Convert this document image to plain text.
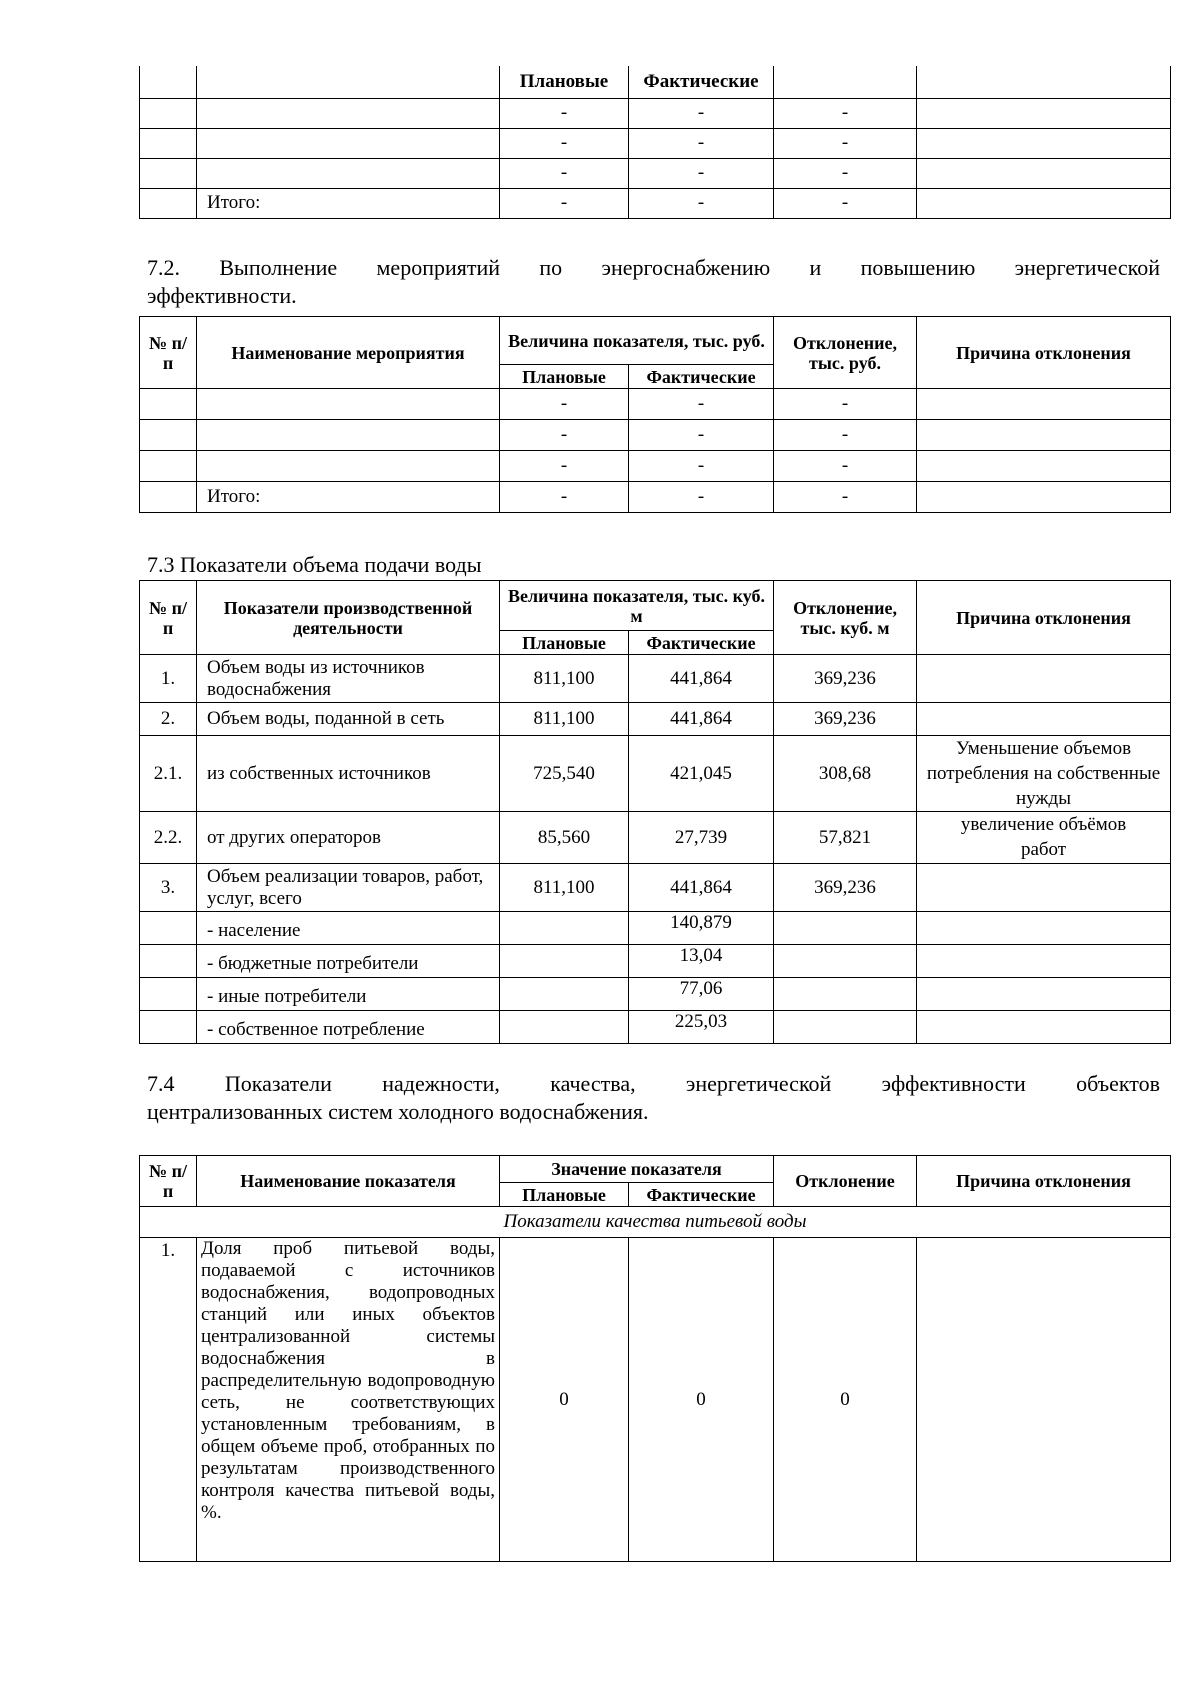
		Плановые	Фактические		
		-	-	-	
		-	-	-	
		-	-	-	
	Итого:	-	-	-	
7.2. Выполнение мероприятий по энергоснабжению и повышению энергетической
эффективности.
№ п/п	Наименование мероприятия	Величина показателя, тыс. руб.		Отклонение, тыс. руб.	Причина отклонения
		Плановые	Фактические		
		-	-	-	
		-	-	-	
		-	-	-	
	Итого:	-	-	-	
7.3 Показатели объема подачи воды
№ п/п	Показатели производственной деятельности	Величина показателя, тыс. куб. м		Отклонение, тыс. куб. м	Причина отклонения
		Плановые	Фактические		
1.	Объем воды из источников водоснабжения	811,100	441,864	369,236	
2.	Объем воды, поданной в сеть	811,100	441,864	369,236	
2.1.	из собственных источников	725,540	421,045	308,68	Уменьшение объемов потребления на собственные нужды
2.2.	от других операторов	85,560	27,739	57,821	увеличение объёмов работ
3.	Объем реализации товаров, работ, услуг, всего	811,100	441,864	369,236	
	- население		140,879		
	- бюджетные потребители		13,04		
	- иные потребители		77,06		
	- собственное потребление		225,03		
7.4 Показатели надежности, качества, энергетической эффективности объектов
централизованных систем холодного водоснабжения.
№ п/п	Наименование показателя	Значение показателя		Отклонение	Причина отклонения
		Плановые	Фактические		
Показатели качества питьевой воды					
1.	Доля проб питьевой воды, подаваемой с источников водоснабжения, водопроводных станций или иных объектов централизованной системы водоснабжения в распределительную водопроводную сеть, не соответствующих установленным требованиям, в общем объеме проб, отобранных по результатам производственного контроля качества питьевой воды, %.	0	0	0	
